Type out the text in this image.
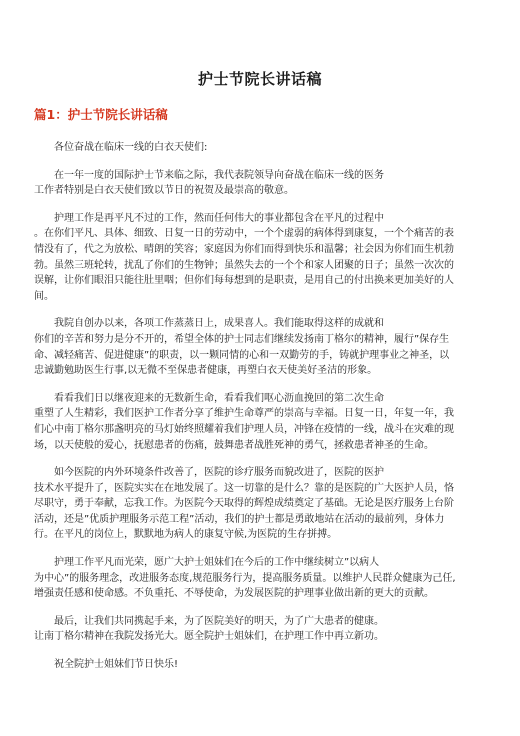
护士节院长讲话稿
篇1：护士节院长讲话稿

各位奋战在临床一线的白衣天使们:

在一年一度的国际护士节来临之际，我代表院领导向奋战在临床一线的医务
工作者特别是白衣天使们致以节日的祝贺及最崇高的敬意。

护理工作是再平凡不过的工作，然而任何伟大的事业都包含在平凡的过程中
。在你们平凡、具体、细致、日复一日的劳动中，一个个虚弱的病体得到康复，一个个痛苦的表
情没有了，代之为放松、晴朗的笑容；家庭因为你们而得到快乐和温馨；社会因为你们而生机勃
勃。虽然三班轮转，扰乱了你们的生物钟；虽然失去的一个个和家人团聚的日子；虽然一次次的
误解，让你们眼泪只能往肚里咽；但你们每每想到的是职责，是用自己的付出换来更加美好的人
间。

我院自创办以来，各项工作蒸蒸日上，成果喜人。我们能取得这样的成就和
你们的辛苦和努力是分不开的，希望全体的护士同志们继续发扬南丁格尔的精神，履行”保存生
命、减轻痛苦、促进健康”的职责，以一颗同情的心和一双勤劳的手，铸就护理事业之神圣，以
忠诚勤勉助医生行事,以无微不至保患者健康，再塑白衣天使美好圣洁的形象。

看看我们日以继夜迎来的无数新生命，看看我们呕心沥血挽回的第二次生命
重塑了人生精彩，我们医护工作者分享了维护生命尊严的崇高与幸福。日复一日，年复一年，我
们心中南丁格尔那盏明亮的马灯始终照耀着我们护理人员，冲锋在疫情的一线，战斗在灾难的现
场，以天使般的爱心，抚慰患者的伤痛，鼓舞患者战胜死神的勇气，拯救患者神圣的生命。

如今医院的内外环境条件改善了，医院的诊疗服务而貌改进了，医院的医护
技术水平提升了，医院实实在在地发展了。这一切靠的是什么？靠的是医院的广大医护人员，恪
尽职守，勇于奉献，忘我工作。为医院今天取得的辉煌成绩奠定了基础。无论是医疗服务上台阶
活动，还是”优质护理服务示范工程”活动，我们的护士都是勇敢地站在活动的最前列，身体力
行。在平凡的岗位上，默默地为病人的康复守候,为医院的生存拼搏。

护理工作平凡而光荣，愿广大护士姐妹们在今后的工作中继续树立”以病人
为中心”的服务理念，改进服务态度,规范服务行为，提高服务质量。以维护人民群众健康为己任,
增强责任感和使命感。不负重托、不辱使命，为发展医院的护理事业做出新的更大的贡献。

最后，让我们共同携起手来，为了医院美好的明天，为了广大患者的健康。
让南丁格尔精神在我院发扬光大。愿全院护士姐妹们，在护理工作中再立新功。

祝全院护士姐妹们节日快乐!
